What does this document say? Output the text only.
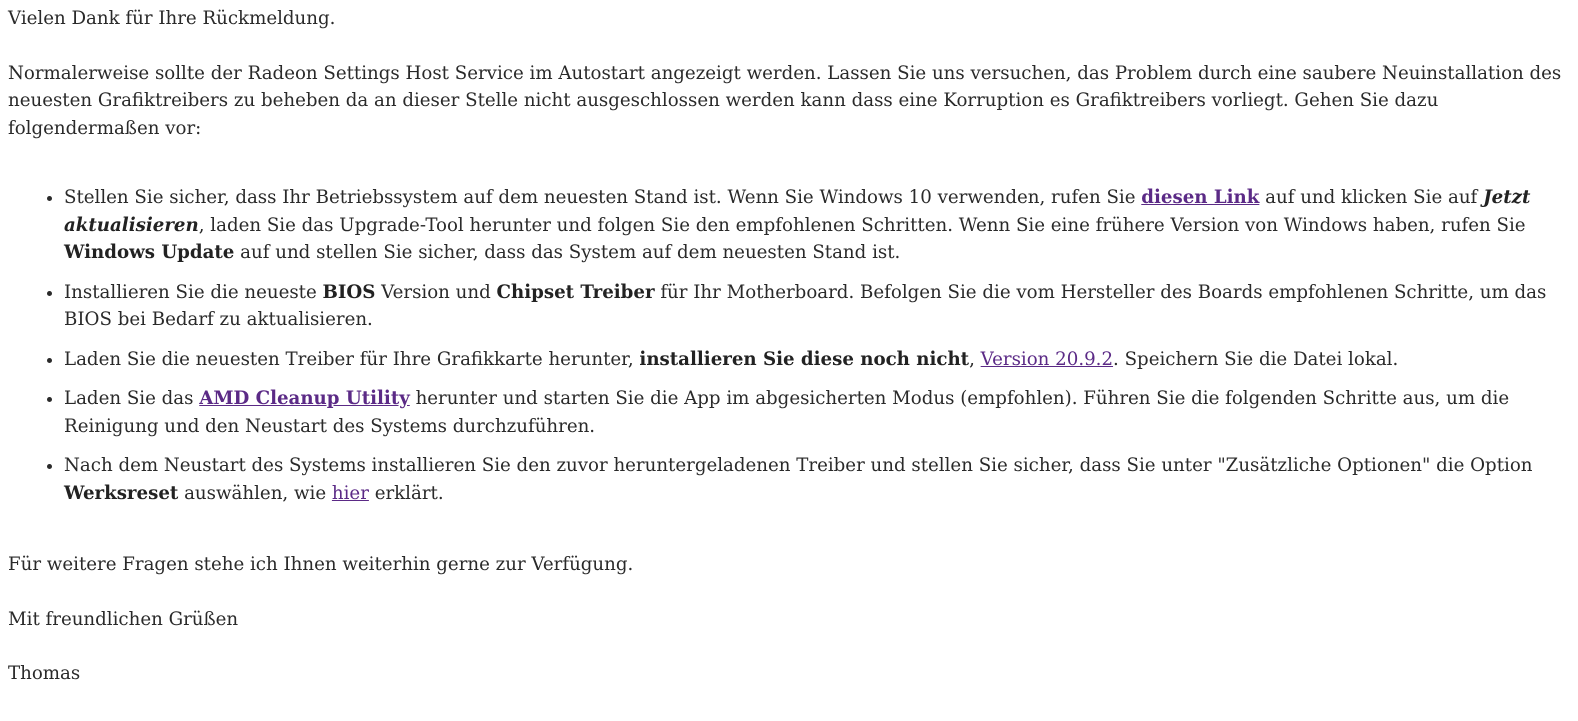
Vielen Dank für Ihre Rückmeldung.

Normalerweise sollte der Radeon Settings Host Service im Autostart angezeigt werden. Lassen Sie uns versuchen, das Problem durch eine saubere Neuinstallation des neuesten Grafiktreibers zu beheben da an dieser Stelle nicht ausgeschlossen werden kann dass eine Korruption es Grafiktreibers vorliegt. Gehen Sie dazu folgendermaßen vor:

• Stellen Sie sicher, dass Ihr Betriebssystem auf dem neuesten Stand ist. Wenn Sie Windows 10 verwenden, rufen Sie diesen Link auf und klicken Sie auf Jetzt aktualisieren, laden Sie das Upgrade-Tool herunter und folgen Sie den empfohlenen Schritten. Wenn Sie eine frühere Version von Windows haben, rufen Sie Windows Update auf und stellen Sie sicher, dass das System auf dem neuesten Stand ist.
• Installieren Sie die neueste BIOS Version und Chipset Treiber für Ihr Motherboard. Befolgen Sie die vom Hersteller des Boards empfohlenen Schritte, um das BIOS bei Bedarf zu aktualisieren.
• Laden Sie die neuesten Treiber für Ihre Grafikkarte herunter, installieren Sie diese noch nicht, Version 20.9.2. Speichern Sie die Datei lokal.
• Laden Sie das AMD Cleanup Utility herunter und starten Sie die App im abgesicherten Modus (empfohlen). Führen Sie die folgenden Schritte aus, um die Reinigung und den Neustart des Systems durchzuführen.
• Nach dem Neustart des Systems installieren Sie den zuvor heruntergeladenen Treiber und stellen Sie sicher, dass Sie unter "Zusätzliche Optionen" die Option Werksreset auswählen, wie hier erklärt.

Für weitere Fragen stehe ich Ihnen weiterhin gerne zur Verfügung.

Mit freundlichen Grüßen

Thomas
